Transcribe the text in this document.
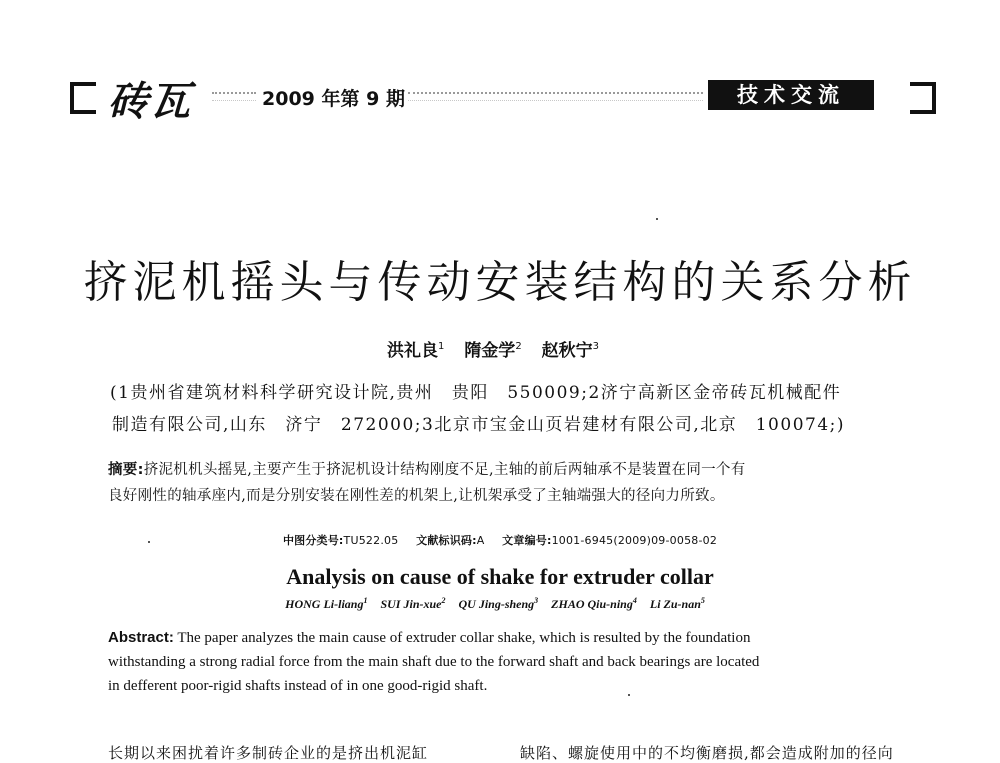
砖瓦	2009 年第 9 期	技术交流
挤泥机摇头与传动安装结构的关系分析
洪礼良$^1$ 隋金学$^2$ 赵秋宁$^3$
(1贵州省建筑材料科学研究设计院,贵州　贵阳　550009;2济宁高新区金帝砖瓦机械配件
制造有限公司,山东　济宁　272000;3北京市宝金山页岩建材有限公司,北京　100074;)
摘要:挤泥机机头摇晃,主要产生于挤泥机设计结构刚度不足,主轴的前后两轴承不是装置在同一个有
良好刚性的轴承座内,而是分别安装在刚性差的机架上,让机架承受了主轴端强大的径向力所致。
中图分类号:TU522.05 文献标识码:A 文章编号:1001-6945(2009)09-0058-02
Analysis on cause of shake for extruder collar
HONG Li-liang$^1$ SUI Jin-xue$^2$ QU Jing-sheng$^3$ ZHAO Qiu-ning$^4$ Li Zu-nan$^5$
Abstract: The paper analyzes the main cause of extruder collar shake, which is resulted by the foundation
withstanding a strong radial force from the main shaft due to the forward shaft and back bearings are located
in defferent poor-rigid shafts instead of in one good-rigid shaft.
长期以来困扰着许多制砖企业的是挤出机泥缸	缺陷、螺旋使用中的不均衡磨损,都会造成附加的径向
